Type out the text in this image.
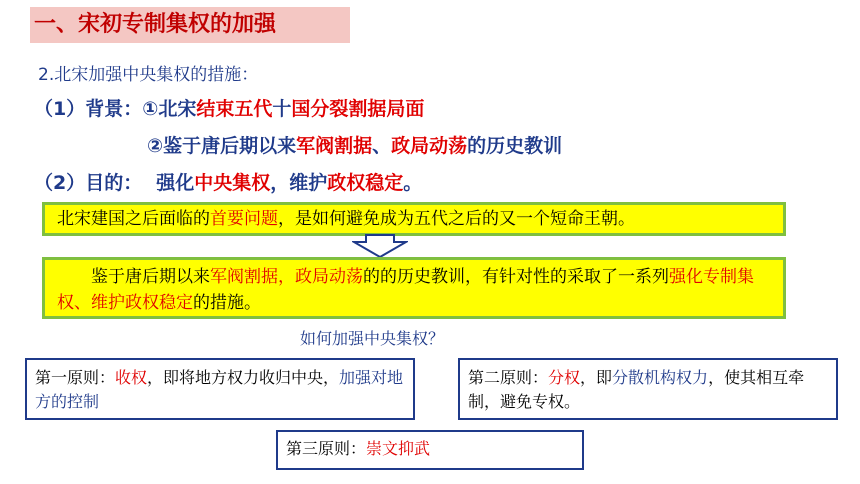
一、宋初专制集权的加强
2.北宋加强中央集权的措施：
（1）背景：①北宋结束五代十国分裂割据局面
②鉴于唐后期以来军阀割据、政局动荡的历史教训
（2）目的： 强化中央集权，维护政权稳定。
北宋建国之后面临的首要问题，是如何避免成为五代之后的又一个短命王朝。
鉴于唐后期以来军阀割据，政局动荡的的历史教训，有针对性的采取了一系列强化专制集权、维护政权稳定的措施。
如何加强中央集权？
第一原则：收权，即将地方权力收归中央，加强对地方的控制
第二原则：分权，即分散机构权力，使其相互牵制，避免专权。
第三原则：崇文抑武
